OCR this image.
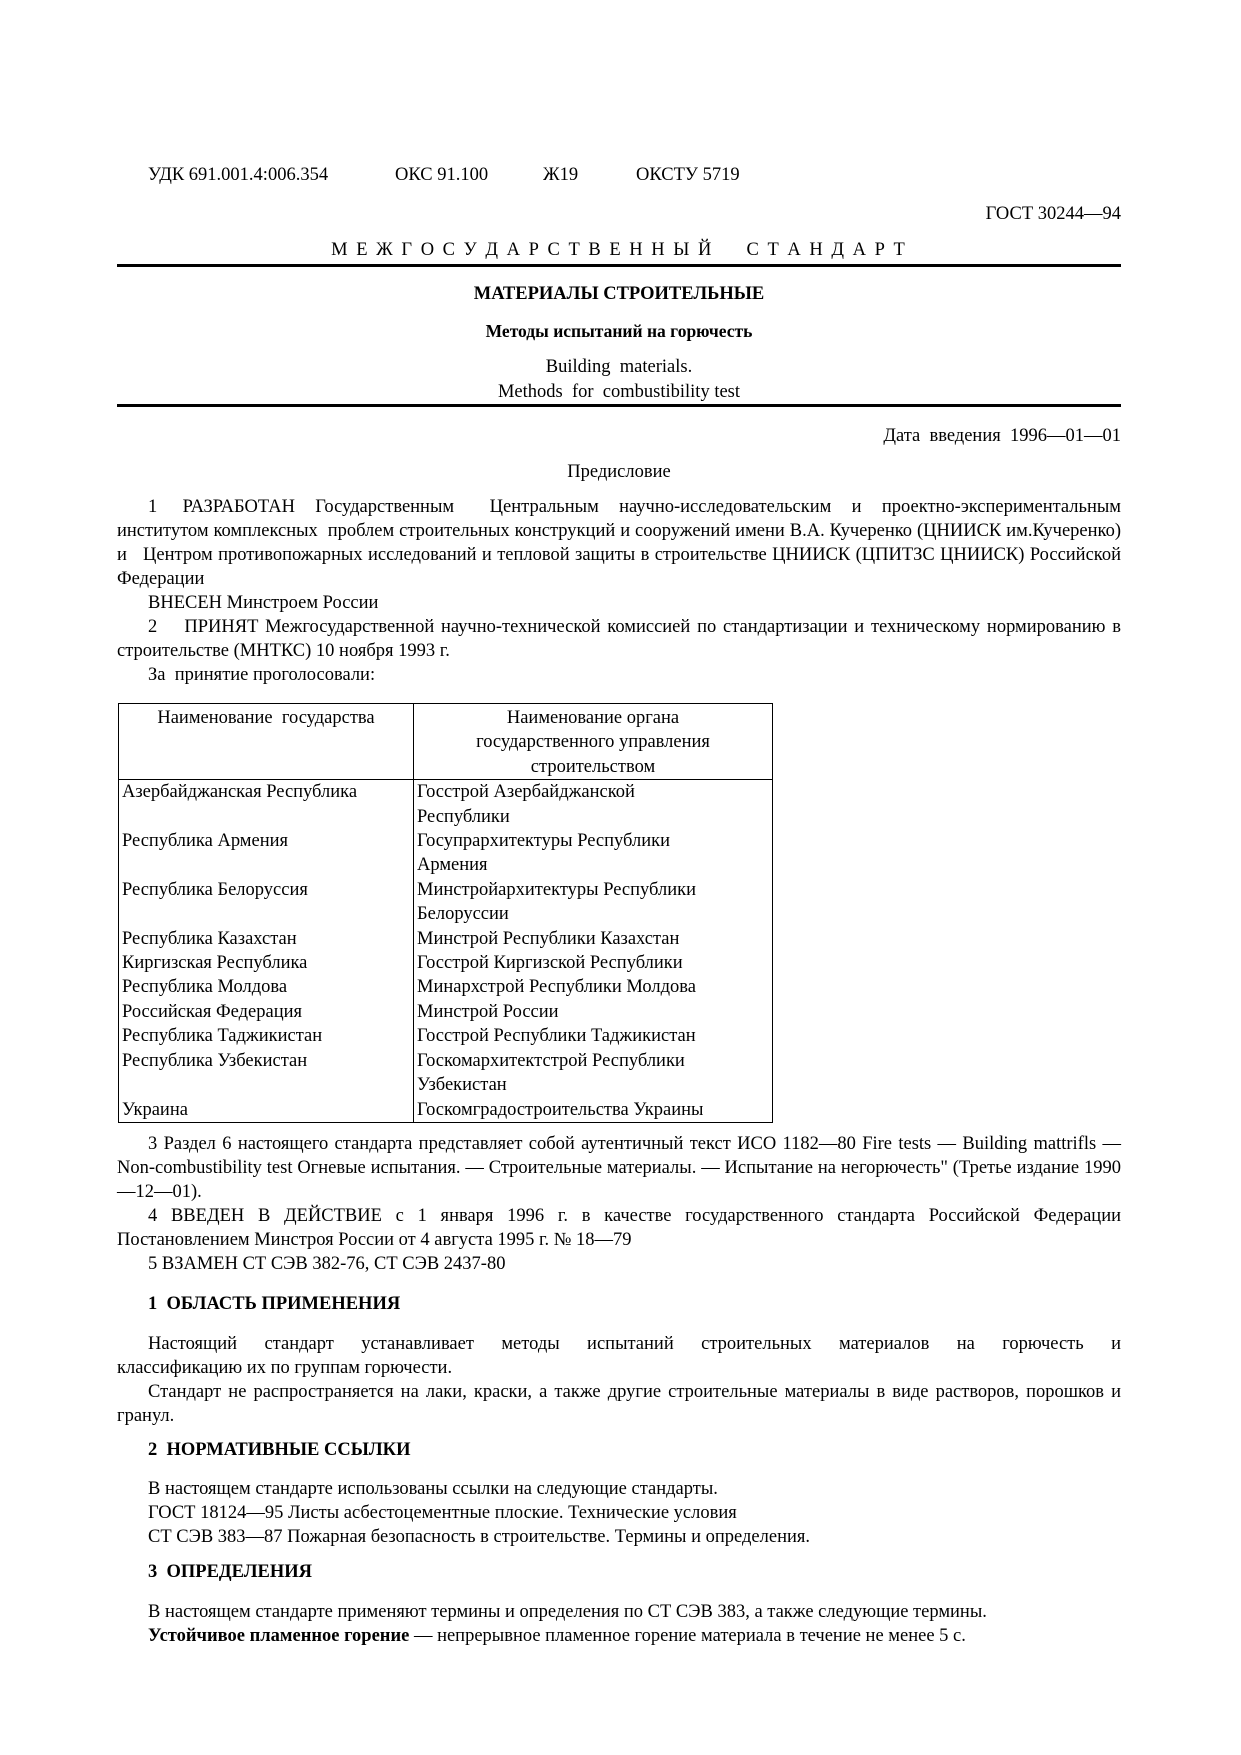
УДК 691.001.4:006.354	ОКС 91.100	Ж19	ОКСТУ 5719
ГОСТ 30244—94
М Е Ж Г О С У Д А Р С Т В Е Н Н Ы Й     С Т А Н Д А Р Т
МАТЕРИАЛЫ СТРОИТЕЛЬНЫЕ
Методы испытаний на горючесть
Building  materials.
Methods  for  combustibility test
Дата  введения  1996—01—01
Предисловие

1     РАЗРАБОТАН    Государственным       Центральным    научно-исследовательским    и    проектно-экспериментальным институтом комплексных  проблем строительных конструкций и сооружений имени В.А. Кучеренко (ЦНИИСК им.Кучеренко) и   Центром противопожарных исследований и тепловой защиты в строительстве ЦНИИСК (ЦПИТЗС ЦНИИСК) Российской Федерации

ВНЕСЕН Минстроем России

2    ПРИНЯТ Межгосударственной научно-технической комиссией по стандартизации и техническому нормированию в строительстве (МНТКС) 10 ноября 1993 г.

За  принятие проголосовали:

Наименование  государства	Наименование органа государственного управления строительством
Азербайджанская Республика	Госстрой Азербайджанской Республики
Республика Армения	Госупрархитектуры Республики Армения
Республика Белоруссия	Минстройархитектуры Республики Белоруссии
Республика Казахстан	Минстрой Республики Казахстан
Киргизская Республика	Госстрой Киргизской Республики
Республика Молдова	Минархстрой Республики Молдова
Российская Федерация	Минстрой России
Республика Таджикистан	Госстрой Республики Таджикистан
Республика Узбекистан	Госкомархитектстрой Республики Узбекистан
Украина	Госкомградостроительства Украины

3 Раздел 6 настоящего стандарта представляет собой аутентичный текст ИСО 1182—80 Fire tests — Building mattrifls — Non-combustibility test Огневые испытания. — Строительные материалы. — Испытание на негорючесть" (Третье издание 1990—12—01).

4 ВВЕДЕН В ДЕЙСТВИЕ с 1 января 1996 г. в качестве государственного стандарта Российской Федерации Постановлением Минстроя России от 4 августа 1995 г. № 18—79

5 ВЗАМЕН СТ СЭВ 382-76, СТ СЭВ 2437-80

1  ОБЛАСТЬ ПРИМЕНЕНИЯ

Настоящий   стандарт   устанавливает   методы   испытаний   строительных   материалов   на   горючесть   и классификацию их по группам горючести.

Стандарт не распространяется на лаки, краски, а также другие строительные материалы в виде растворов, порошков и гранул.

2  НОРМАТИВНЫЕ ССЫЛКИ

В настоящем стандарте использованы ссылки на следующие стандарты.

ГОСТ 18124—95 Листы асбестоцементные плоские. Технические условия

СТ СЭВ 383—87 Пожарная безопасность в строительстве. Термины и определения.

3  ОПРЕДЕЛЕНИЯ

В настоящем стандарте применяют термины и определения по СТ СЭВ 383, а также следующие термины.

Устойчивое пламенное горение — непрерывное пламенное горение материала в течение не менее 5 с.
